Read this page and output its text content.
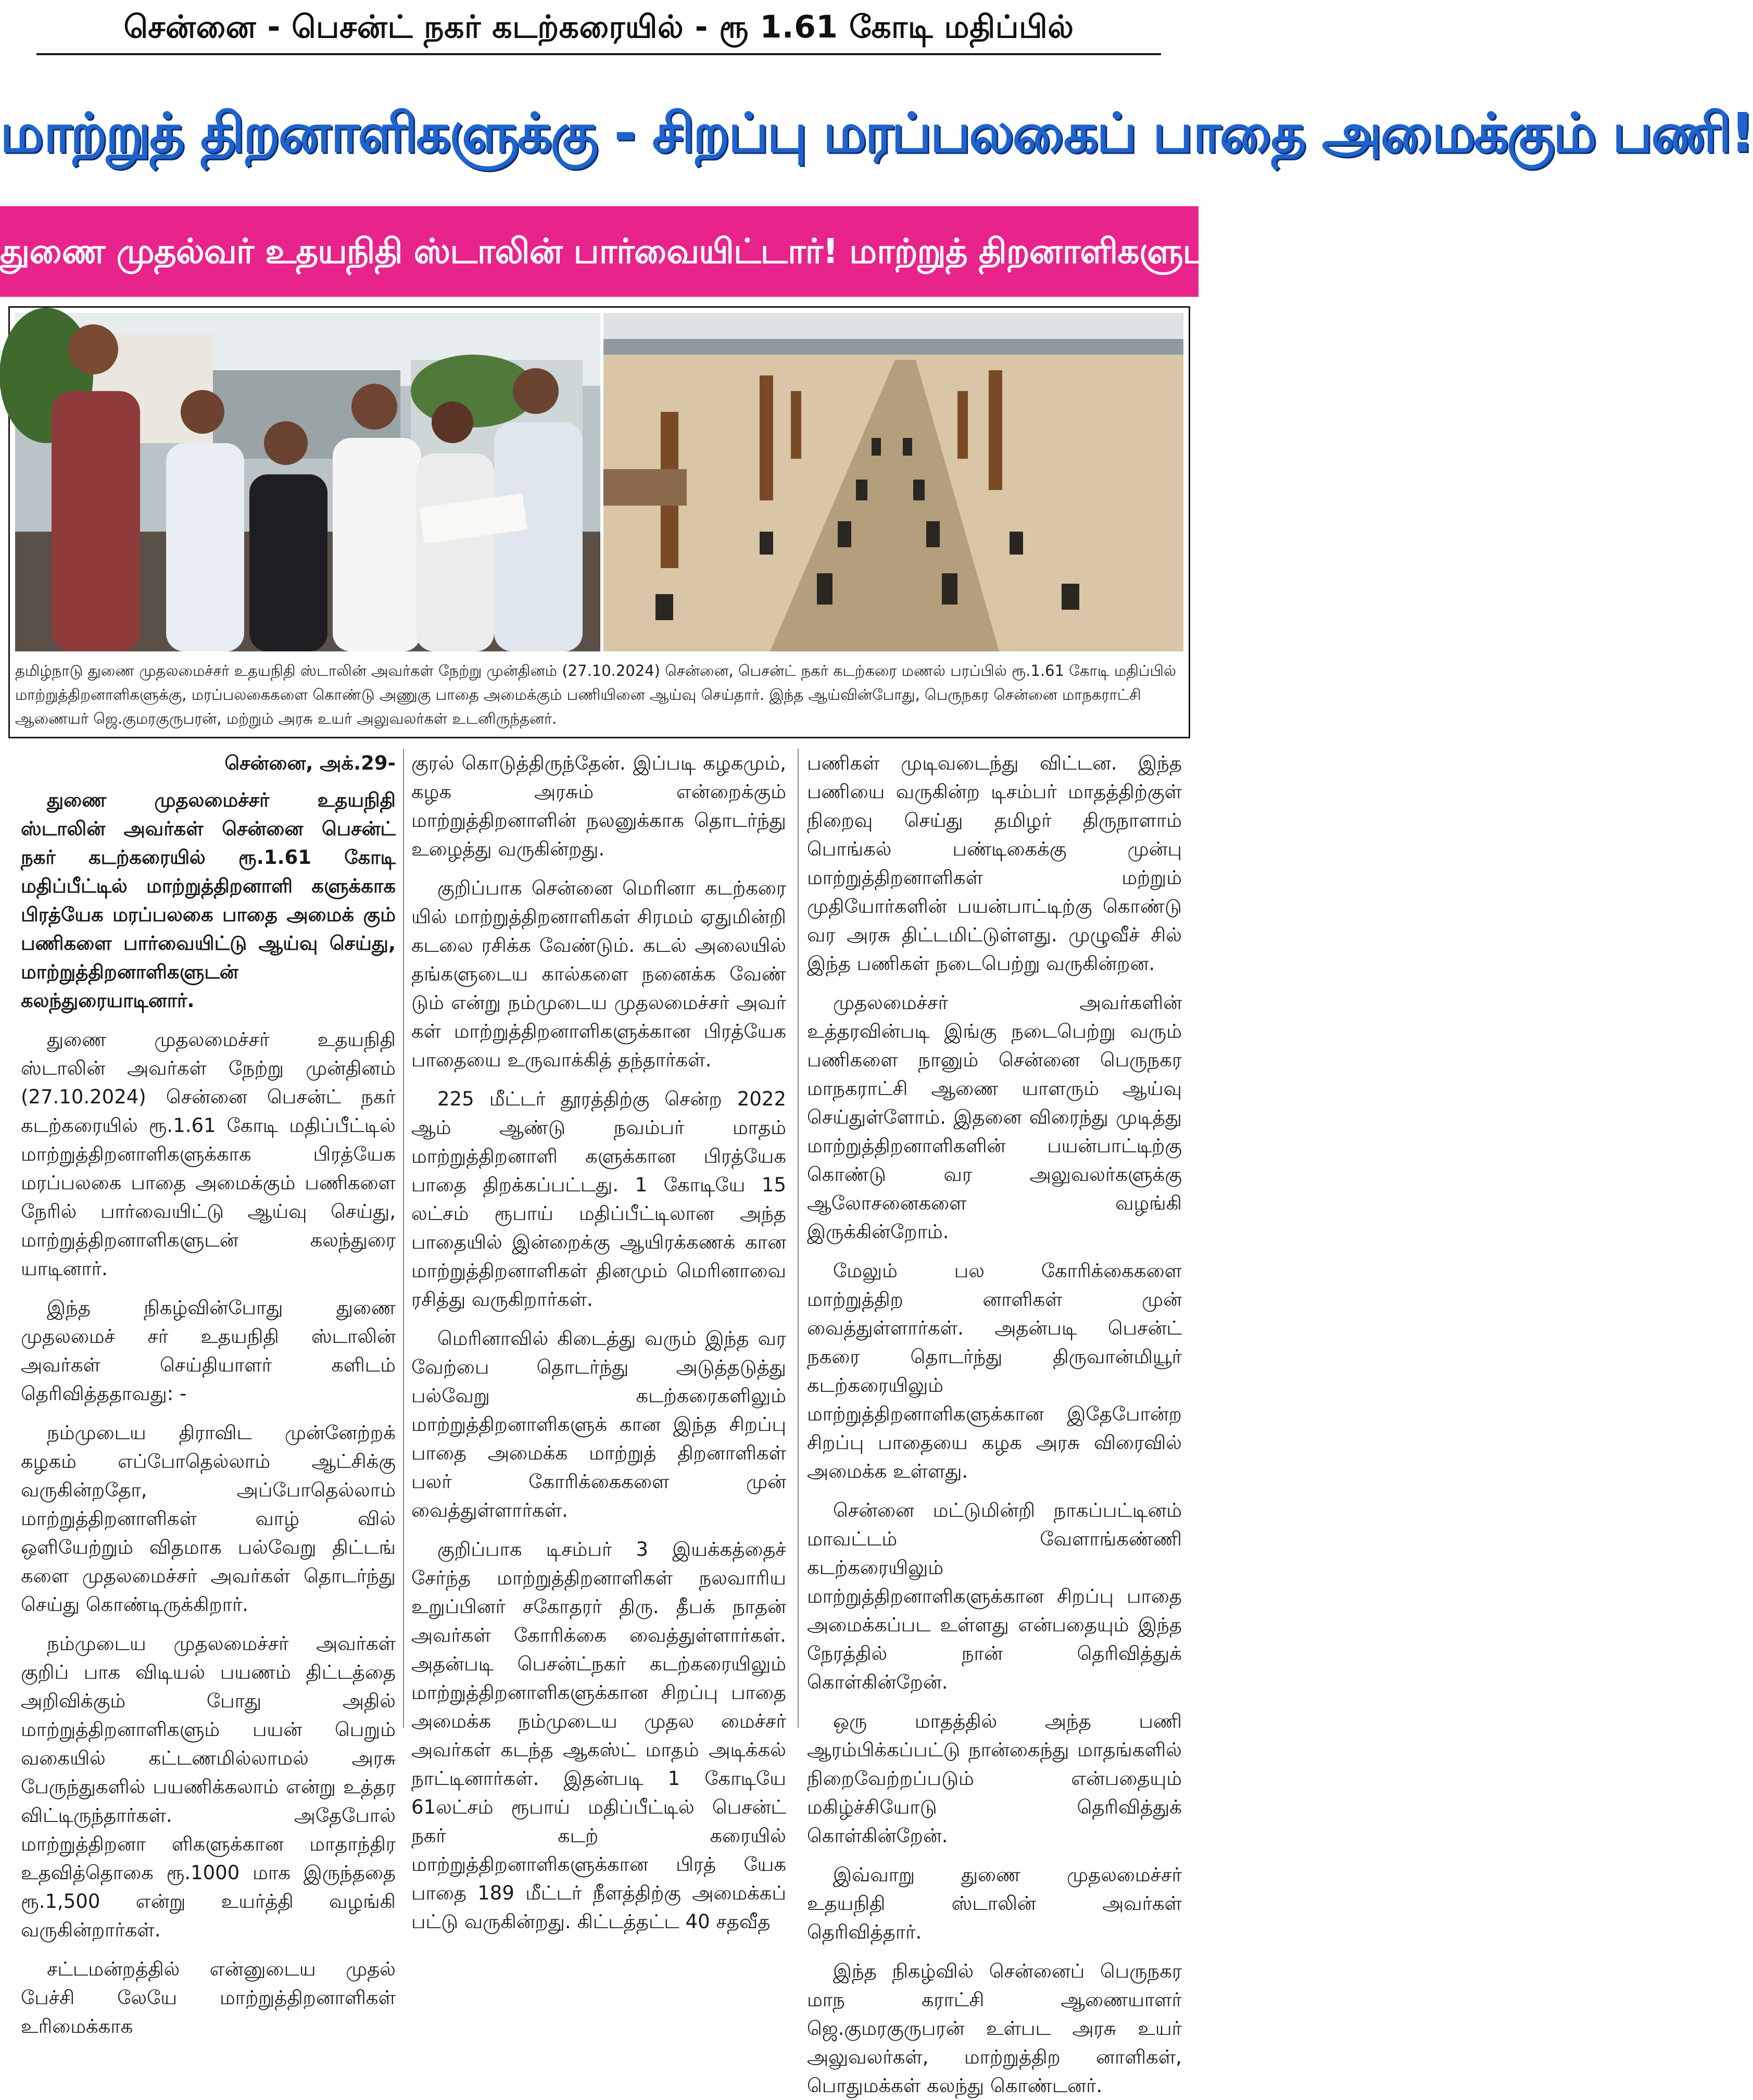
சென்னை - பெசன்ட் நகர் கடற்கரையில் - ரூ 1.61 கோடி மதிப்பில்
மாற்றுத் திறனாளிகளுக்கு - சிறப்பு மரப்பலகைப் பாதை அமைக்கும் பணி!
துணை முதல்வர் உதயநிதி ஸ்டாலின் பார்வையிட்டார்! மாற்றுத் திறனாளிகளுடன் கலந்துரையாடினார்!
தமிழ்நாடு துணை முதலமைச்சர் உதயநிதி ஸ்டாலின் அவர்கள் நேற்று முன்தினம் (27.10.2024) சென்னை, பெசன்ட் நகர் கடற்கரை மணல் பரப்பில் ரூ.1.61 கோடி மதிப்பில் மாற்றுத்திறனாளிகளுக்கு, மரப்பலகைகளை கொண்டு அணுகு பாதை அமைக்கும் பணியினை ஆய்வு செய்தார். இந்த ஆய்வின்போது, பெருநகர சென்னை மாநகராட்சி ஆணையர் ஜெ.குமரகுருபரன், மற்றும் அரசு உயர் அலுவலர்கள் உடனிருந்தனர்.
சென்னை, அக்.29-

துணை முதலமைச்சர் உதயநிதி ஸ்டாலின் அவர்கள் சென்னை பெசன்ட் நகர் கடற்கரையில் ரூ.1.61 கோடி மதிப்பீட்டில் மாற்றுத்திறனாளி களுக்காக பிரத்யேக மரப்பலகை பாதை அமைக் கும் பணிகளை பார்வையிட்டு ஆய்வு செய்து, மாற்றுத்திறனாளிகளுடன் கலந்துரையாடினார்.

துணை முதலமைச்சர் உதயநிதி ஸ்டாலின் அவர்கள் நேற்று முன்தினம் (27.10.2024) சென்னை பெசன்ட் நகர் கடற்கரையில் ரூ.1.61 கோடி மதிப்பீட்டில் மாற்றுத்திறனாளிகளுக்காக பிரத்யேக மரப்பலகை பாதை அமைக்கும் பணிகளை நேரில் பார்வையிட்டு ஆய்வு செய்து, மாற்றுத்திறனாளிகளுடன் கலந்துரை யாடினார்.

இந்த நிகழ்வின்போது துணை முதலமைச் சர் உதயநிதி ஸ்டாலின் அவர்கள் செய்தியாளர் களிடம் தெரிவித்ததாவது: -

நம்முடைய திராவிட முன்னேற்றக் கழகம் எப்போதெல்லாம் ஆட்சிக்கு வருகின்றதோ, அப்போதெல்லாம் மாற்றுத்திறனாளிகள் வாழ் வில் ஒளியேற்றும் விதமாக பல்வேறு திட்டங் களை முதலமைச்சர் அவர்கள் தொடர்ந்து செய்து கொண்டிருக்கிறார்.

நம்முடைய முதலமைச்சர் அவர்கள் குறிப் பாக விடியல் பயணம் திட்டத்தை அறிவிக்கும் போது அதில் மாற்றுத்திறனாளிகளும் பயன் பெறும் வகையில் கட்டணமில்லாமல் அரசு பேருந்துகளில் பயணிக்கலாம் என்று உத்தர விட்டிருந்தார்கள். அதேபோல் மாற்றுத்திறனா ளிகளுக்கான மாதாந்திர உதவித்தொகை ரூ.1000 மாக இருந்ததை ரூ.1,500 என்று உயர்த்தி வழங்கி வருகின்றார்கள்.

சட்டமன்றத்தில் என்னுடைய முதல் பேச்சி லேயே மாற்றுத்திறனாளிகள் உரிமைக்காக

குரல் கொடுத்திருந்தேன். இப்படி கழகமும், கழக அரசும் என்றைக்கும் மாற்றுத்திறனாளின் நலனுக்காக தொடர்ந்து உழைத்து வருகின்றது.

குறிப்பாக சென்னை மெரினா கடற்கரை யில் மாற்றுத்திறனாளிகள் சிரமம் ஏதுமின்றி கடலை ரசிக்க வேண்டும். கடல் அலையில் தங்களுடைய கால்களை நனைக்க வேண் டும் என்று நம்முடைய முதலமைச்சர் அவர் கள் மாற்றுத்திறனாளிகளுக்கான பிரத்யேக பாதையை உருவாக்கித் தந்தார்கள்.

225 மீட்டர் தூரத்திற்கு சென்ற 2022 ஆம் ஆண்டு நவம்பர் மாதம் மாற்றுத்திறனாளி களுக்கான பிரத்யேக பாதை திறக்கப்பட்டது. 1 கோடியே 15 லட்சம் ரூபாய் மதிப்பீட்டிலான அந்த பாதையில் இன்றைக்கு ஆயிரக்கணக் கான மாற்றுத்திறனாளிகள் தினமும் மெரினாவை ரசித்து வருகிறார்கள்.

மெரினாவில் கிடைத்து வரும் இந்த வர வேற்பை தொடர்ந்து அடுத்தடுத்து பல்வேறு கடற்கரைகளிலும் மாற்றுத்திறனாளிகளுக் கான இந்த சிறப்பு பாதை அமைக்க மாற்றுத் திறனாளிகள் பலர் கோரிக்கைகளை முன் வைத்துள்ளார்கள்.

குறிப்பாக டிசம்பர் 3 இயக்கத்தைச் சேர்ந்த மாற்றுத்திறனாளிகள் நலவாரிய உறுப்பினர் சகோதரர் திரு. தீபக் நாதன் அவர்கள் கோரிக்கை வைத்துள்ளார்கள். அதன்படி பெசன்ட்நகர் கடற்கரையிலும் மாற்றுத்திறனாளிகளுக்கான சிறப்பு பாதை அமைக்க நம்முடைய முதல மைச்சர் அவர்கள் கடந்த ஆகஸ்ட் மாதம் அடிக்கல் நாட்டினார்கள். இதன்படி 1 கோடியே 61லட்சம் ரூபாய் மதிப்பீட்டில் பெசன்ட் நகர் கடற் கரையில் மாற்றுத்திறனாளிகளுக்கான பிரத் யேக பாதை 189 மீட்டர் நீளத்திற்கு அமைக்கப் பட்டு வருகின்றது. கிட்டத்தட்ட 40 சதவீத

பணிகள் முடிவடைந்து விட்டன. இந்த பணியை வருகின்ற டிசம்பர் மாதத்திற்குள் நிறைவு செய்து தமிழர் திருநாளாம் பொங்கல் பண்டிகைக்கு முன்பு மாற்றுத்திறனாளிகள் மற்றும் முதியோர்களின் பயன்பாட்டிற்கு கொண்டு வர அரசு திட்டமிட்டுள்ளது. முழுவீச் சில் இந்த பணிகள் நடைபெற்று வருகின்றன.

முதலமைச்சர் அவர்களின் உத்தரவின்படி இங்கு நடைபெற்று வரும் பணிகளை நானும் சென்னை பெருநகர மாநகராட்சி ஆணை யாளரும் ஆய்வு செய்துள்ளோம். இதனை விரைந்து முடித்து மாற்றுத்திறனாளிகளின் பயன்பாட்டிற்கு கொண்டு வர அலுவலர்களுக்கு ஆலோசனைகளை வழங்கி இருக்கின்றோம்.

மேலும் பல கோரிக்கைகளை மாற்றுத்திற னாளிகள் முன் வைத்துள்ளார்கள். அதன்படி பெசன்ட் நகரை தொடர்ந்து திருவான்மியூர் கடற்கரையிலும் மாற்றுத்திறனாளிகளுக்கான இதேபோன்ற சிறப்பு பாதையை கழக அரசு விரைவில் அமைக்க உள்ளது.

சென்னை மட்டுமின்றி நாகப்பட்டினம் மாவட்டம் வேளாங்கண்ணி கடற்கரையிலும் மாற்றுத்திறனாளிகளுக்கான சிறப்பு பாதை அமைக்கப்பட உள்ளது என்பதையும் இந்த நேரத்தில் நான் தெரிவித்துக் கொள்கின்றேன்.

ஒரு மாதத்தில் அந்த பணி ஆரம்பிக்கப்பட்டு நான்கைந்து மாதங்களில் நிறைவேற்றப்படும் என்பதையும் மகிழ்ச்சியோடு தெரிவித்துக் கொள்கின்றேன்.

இவ்வாறு துணை முதலமைச்சர் உதயநிதி ஸ்டாலின் அவர்கள் தெரிவித்தார்.

இந்த நிகழ்வில் சென்னைப் பெருநகர மாந கராட்சி ஆணையாளர் ஜெ.குமரகுருபரன் உள்பட அரசு உயர் அலுவலர்கள், மாற்றுத்திற னாளிகள், பொதுமக்கள் கலந்து கொண்டனர்.
